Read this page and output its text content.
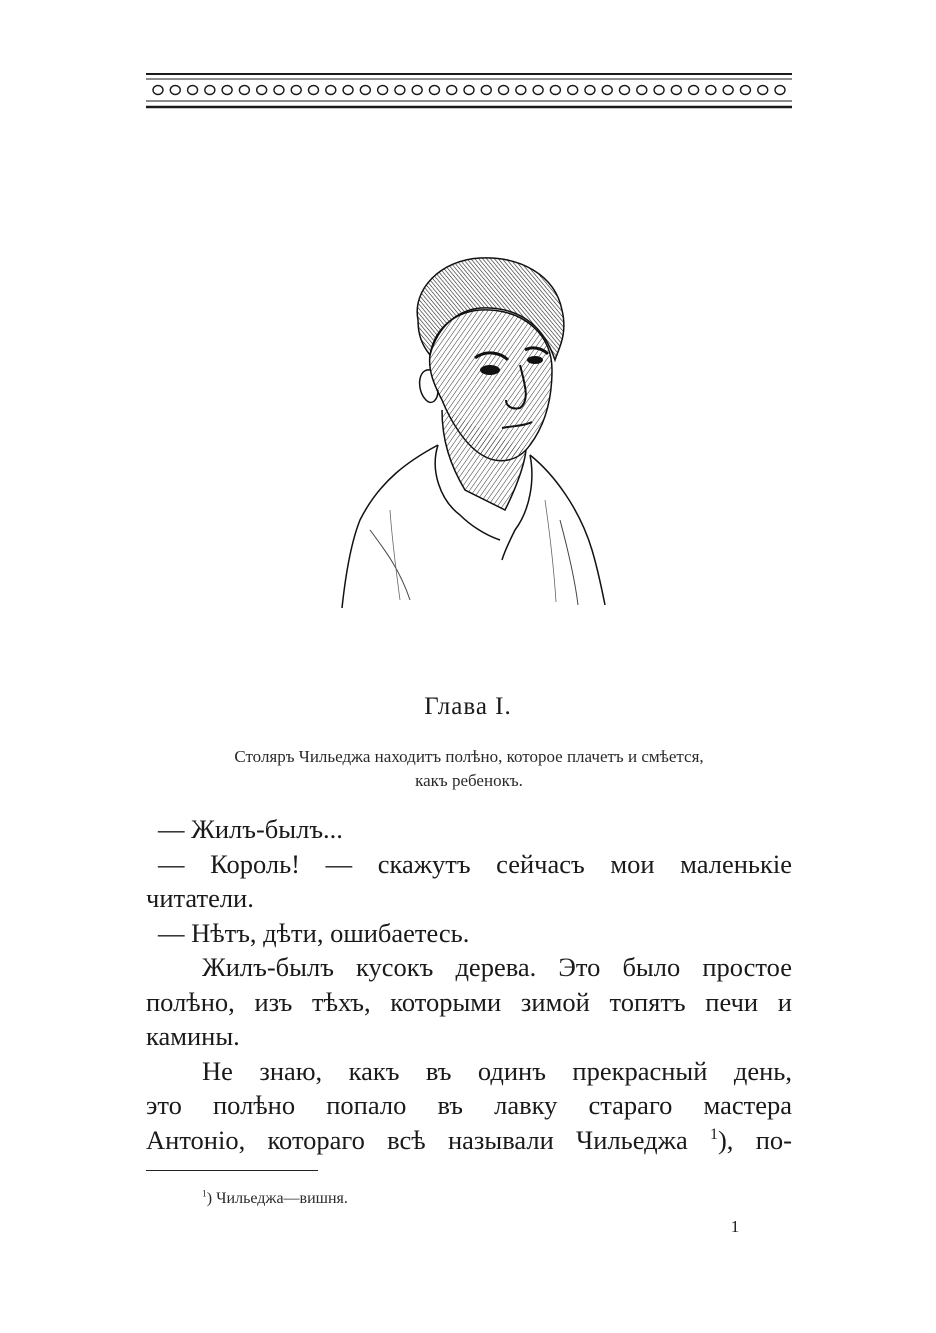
Глава I.
Столяръ Чильеджа находитъ полѣно, которое плачетъ и смѣется,
какъ ребенокъ.
— Жилъ-былъ...
— Король! — скажутъ сейчасъ мои маленькіе
читатели.
— Нѣтъ, дѣти, ошибаетесь.
Жилъ-былъ кусокъ дерева. Это было простое
полѣно, изъ тѣхъ, которыми зимой топятъ печи и
камины.
Не знаю, какъ въ одинъ прекрасный день,
это полѣно попало въ лавку стараго мастера
Антоніо, котораго всѣ называли Чильеджа $^1$), по-

$^1$) Чильеджа—вишня.

1
